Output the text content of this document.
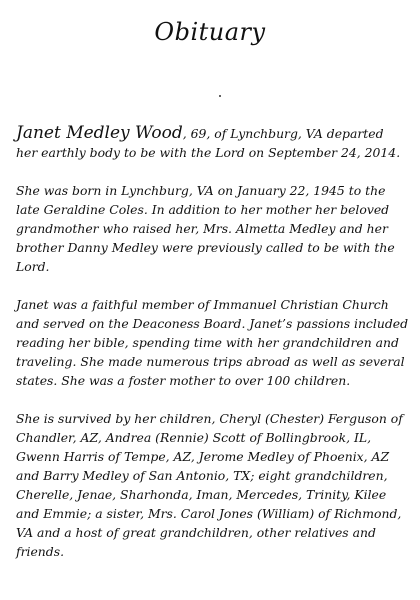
Obituary

Janet Medley Wood, 69, of Lynchburg, VA departed her earthly body to be with the Lord on September 24, 2014.

She was born in Lynchburg, VA on January 22, 1945 to the late Geraldine Coles. In addition to her mother her beloved grandmother who raised her, Mrs. Almetta Medley and her brother Danny Medley were previously called to be with the Lord.

Janet was a faithful member of Immanuel Christian Church and served on the Deaconess Board. Janet’s passions included reading her bible, spending time with her grandchildren and traveling. She made numerous trips abroad as well as several states. She was a foster mother to over 100 children.

She is survived by her children, Cheryl (Chester) Ferguson of Chandler, AZ, Andrea (Rennie) Scott of Bollingbrook, IL, Gwenn Harris of Tempe, AZ, Jerome Medley of Phoenix, AZ and Barry Medley of San Antonio, TX; eight grandchildren, Cherelle, Jenae, Sharhonda, Iman, Mercedes, Trinity, Kilee and Emmie; a sister, Mrs. Carol Jones (William) of Richmond, VA and a host of great grandchildren, other relatives and friends.
